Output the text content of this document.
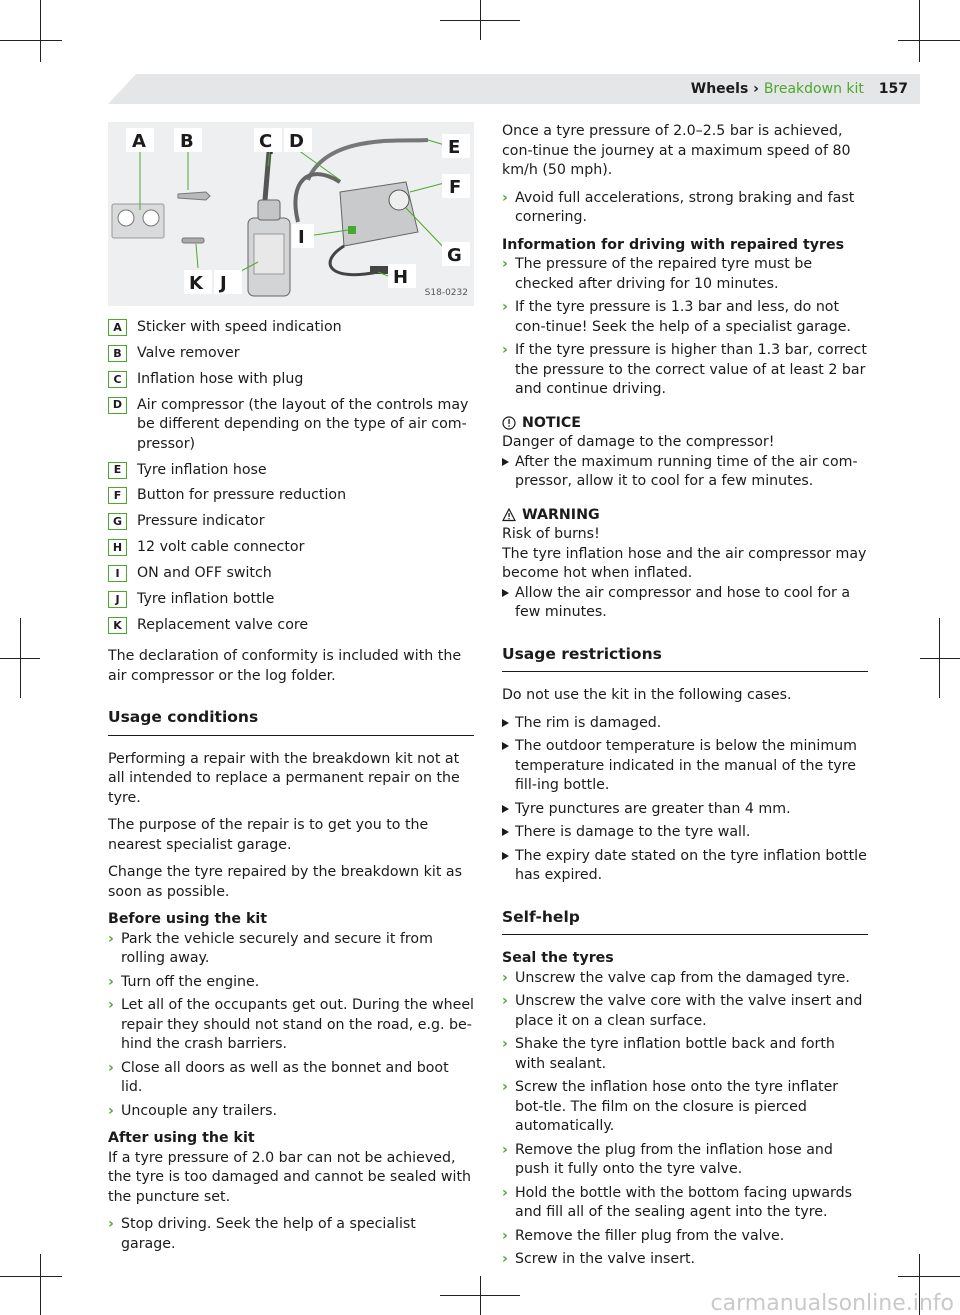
Wheels › Breakdown kit 157
A B	C D	E
F
G
H
I
J
K	S18-0232
A	Sticker with speed indication
B	Valve remover
C	Inflation hose with plug
D	Air compressor (the layout of the controls may be different depending on the type of air com-pressor)
E	Tyre inflation hose
F	Button for pressure reduction
G	Pressure indicator
H	12 volt cable connector
I	ON and OFF switch
J	Tyre inflation bottle
K	Replacement valve core
The declaration of conformity is included with the air compressor or the log folder.
Usage conditions
Performing a repair with the breakdown kit not at all intended to replace a permanent repair on the tyre.
The purpose of the repair is to get you to the nearest specialist garage.
Change the tyre repaired by the breakdown kit as soon as possible.
Before using the kit
› Park the vehicle securely and secure it from rolling away.
› Turn off the engine.
› Let all of the occupants get out. During the wheel repair they should not stand on the road, e.g. be-hind the crash barriers.
› Close all doors as well as the bonnet and boot lid.
› Uncouple any trailers.
After using the kit
If a tyre pressure of 2.0 bar can not be achieved, the tyre is too damaged and cannot be sealed with the puncture set.
› Stop driving. Seek the help of a specialist garage.
Once a tyre pressure of 2.0–2.5 bar is achieved, con-tinue the journey at a maximum speed of 80 km/h (50 mph).
› Avoid full accelerations, strong braking and fast cornering.
Information for driving with repaired tyres
› The pressure of the repaired tyre must be checked after driving for 10 minutes.
› If the tyre pressure is 1.3 bar and less, do not con-tinue! Seek the help of a specialist garage.
› If the tyre pressure is higher than 1.3 bar, correct the pressure to the correct value of at least 2 bar and continue driving.
NOTICE
Danger of damage to the compressor!
After the maximum running time of the air com-pressor, allow it to cool for a few minutes.
WARNING
Risk of burns!
The tyre inflation hose and the air compressor may become hot when inflated.
Allow the air compressor and hose to cool for a few minutes.
Usage restrictions
Do not use the kit in the following cases.
The rim is damaged.
The outdoor temperature is below the minimum temperature indicated in the manual of the tyre fill-ing bottle.
Tyre punctures are greater than 4 mm.
There is damage to the tyre wall.
The expiry date stated on the tyre inflation bottle has expired.
Self-help
Seal the tyres
› Unscrew the valve cap from the damaged tyre.
› Unscrew the valve core with the valve insert and place it on a clean surface.
› Shake the tyre inflation bottle back and forth with sealant.
› Screw the inflation hose onto the tyre inflater bot-tle. The film on the closure is pierced automatically.
› Remove the plug from the inflation hose and push it fully onto the tyre valve.
› Hold the bottle with the bottom facing upwards and fill all of the sealing agent into the tyre.
› Remove the filler plug from the valve.
› Screw in the valve insert.
carmanualsonline.info
